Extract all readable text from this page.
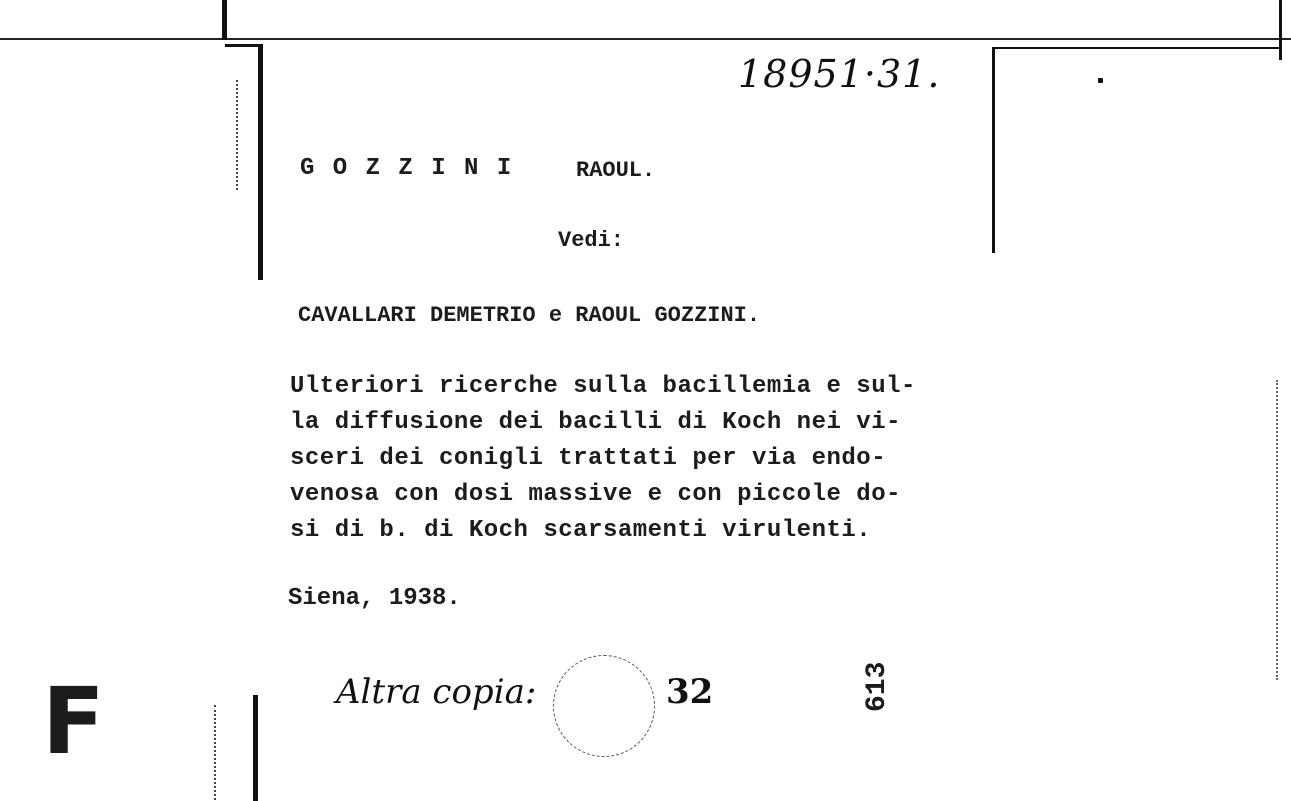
18951·31.
G O Z Z I N I	RAOUL.
Vedi:
CAVALLARI DEMETRIO e RAOUL GOZZINI.
Ulteriori ricerche sulla bacillemia e sul-
la diffusione dei bacilli di Koch nei vi-
sceri dei conigli trattati per via endo-
venosa con dosi massive e con piccole do-
si di b. di Koch scarsamenti virulenti.
Siena, 1938.
Altra copia:	32	613
F
